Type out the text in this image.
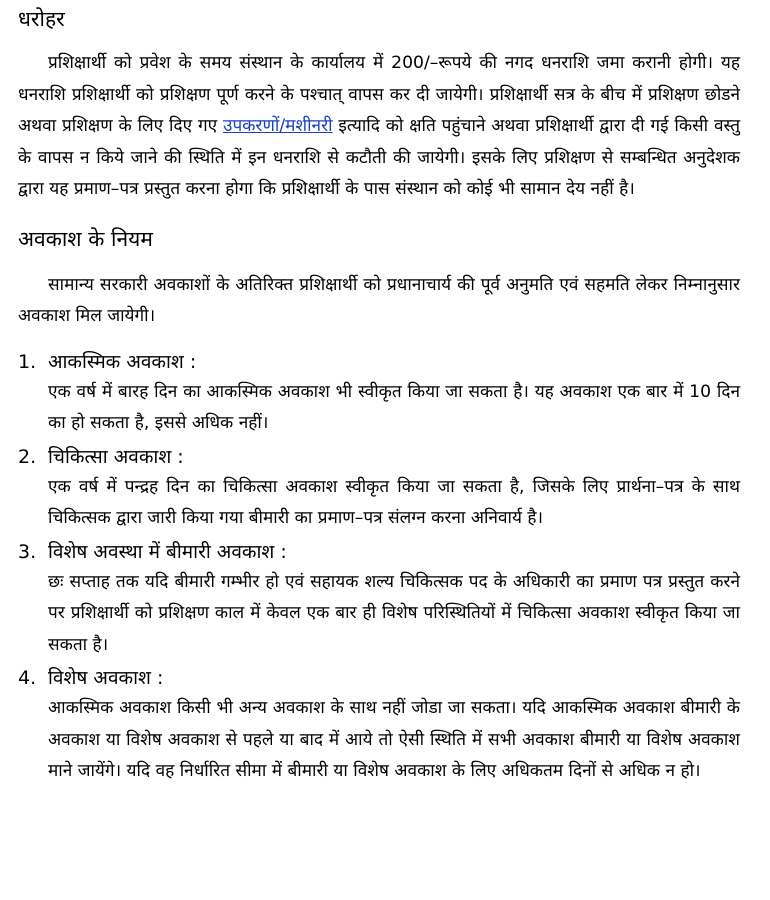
धरोहर

प्रशिक्षार्थी को प्रवेश के समय संस्थान के कार्यालय में 200/–रूपये की नगद धनराशि जमा करानी होगी। यह धनराशि प्रशिक्षार्थी को प्रशिक्षण पूर्ण करने के पश्चात् वापस कर दी जायेगी। प्रशिक्षार्थी सत्र के बीच में प्रशिक्षण छोडने अथवा प्रशिक्षण के लिए दिए गए उपकरणों/मशीनरी इत्यादि को क्षति पहुंचाने अथवा प्रशिक्षार्थी द्वारा दी गई किसी वस्तु के वापस न किये जाने की स्थिति में इन धनराशि से कटौती की जायेगी। इसके लिए प्रशिक्षण से सम्बन्धित अनुदेशक द्वारा यह प्रमाण–पत्र प्रस्तुत करना होगा कि प्रशिक्षार्थी के पास संस्थान को कोई भी सामान देय नहीं है।

अवकाश के नियम

सामान्य सरकारी अवकाशों के अतिरिक्त प्रशिक्षार्थी को प्रधानाचार्य की पूर्व अनुमति एवं सहमति लेकर निम्नानुसार अवकाश मिल जायेगी।

1. आकस्मिक अवकाश :

एक वर्ष में बारह दिन का आकस्मिक अवकाश भी स्वीकृत किया जा सकता है। यह अवकाश एक बार में 10 दिन का हो सकता है, इससे अधिक नहीं।

2. चिकित्सा अवकाश :

एक वर्ष में पन्द्रह दिन का चिकित्सा अवकाश स्वीकृत किया जा सकता है, जिसके लिए प्रार्थना–पत्र के साथ चिकित्सक द्वारा जारी किया गया बीमारी का प्रमाण–पत्र संलग्न करना अनिवार्य है।

3. विशेष अवस्था में बीमारी अवकाश :

छः सप्ताह तक यदि बीमारी गम्भीर हो एवं सहायक शल्य चिकित्सक पद के अधिकारी का प्रमाण पत्र प्रस्तुत करने पर प्रशिक्षार्थी को प्रशिक्षण काल में केवल एक बार ही विशेष परिस्थितियों में चिकित्सा अवकाश स्वीकृत किया जा सकता है।

4. विशेष अवकाश :

आकस्मिक अवकाश किसी भी अन्य अवकाश के साथ नहीं जोडा जा सकता। यदि आकस्मिक अवकाश बीमारी के अवकाश या विशेष अवकाश से पहले या बाद में आये तो ऐसी स्थिति में सभी अवकाश बीमारी या विशेष अवकाश माने जायेंगे। यदि वह निर्धारित सीमा में बीमारी या विशेष अवकाश के लिए अधिकतम दिनों से अधिक न हो।
